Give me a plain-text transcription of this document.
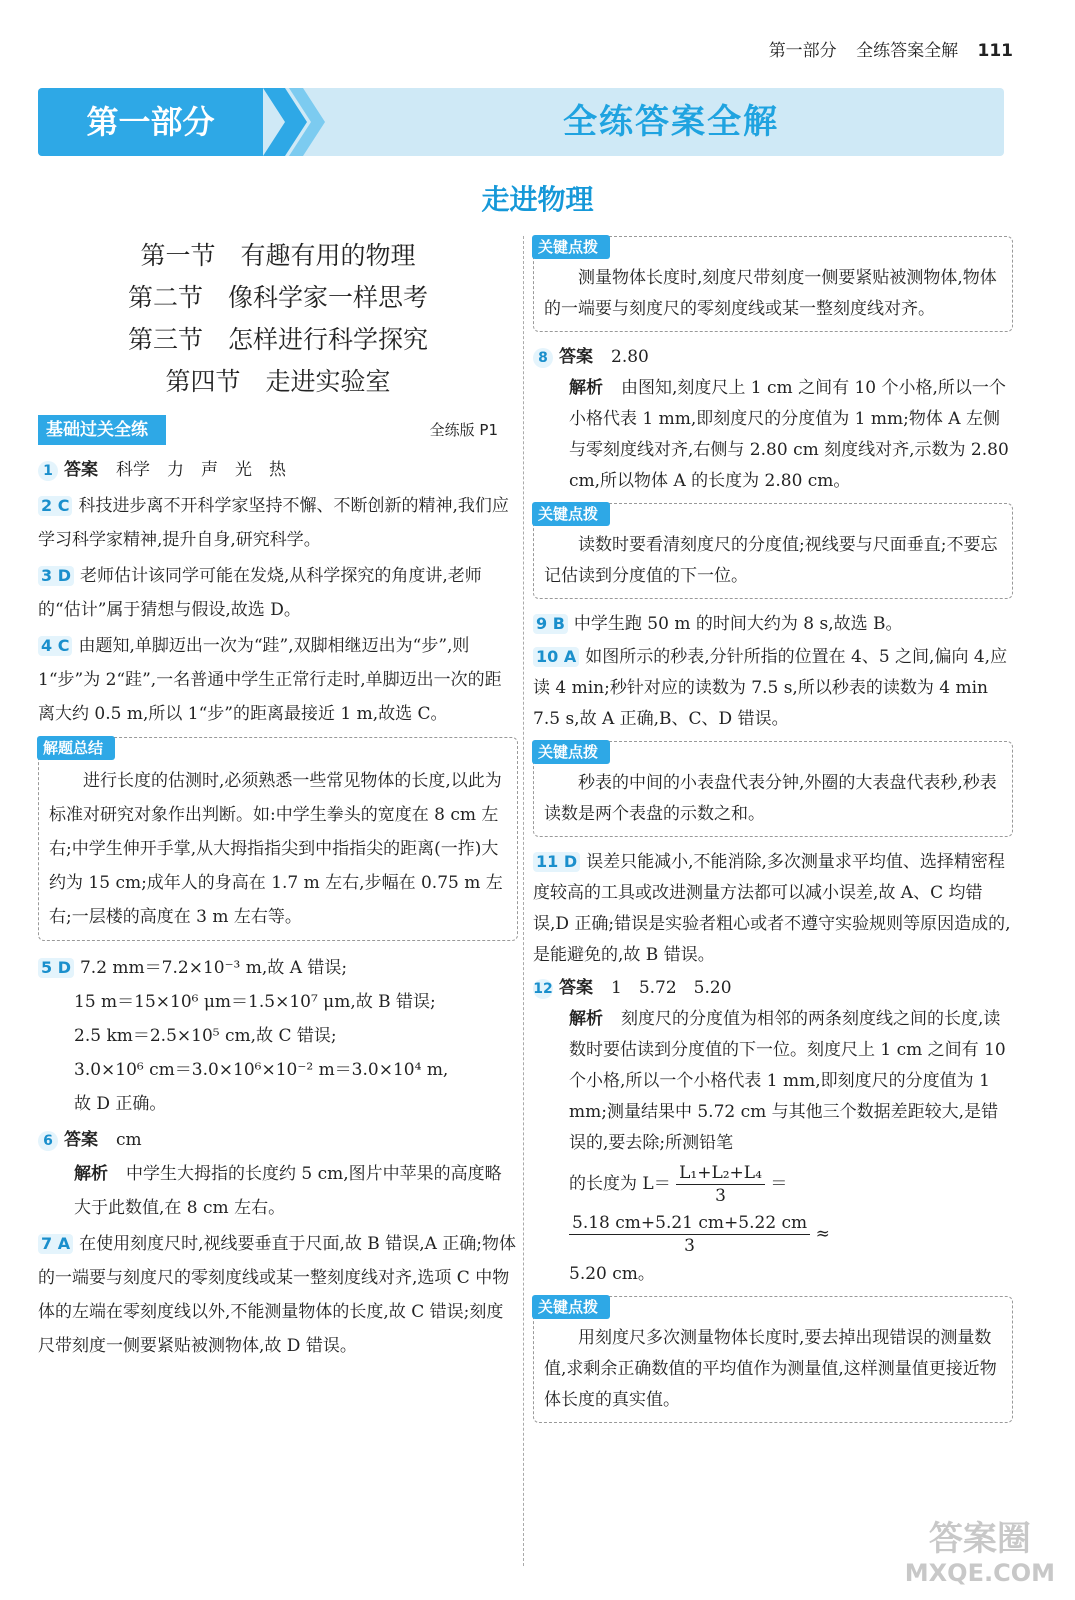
第一部分 全练答案全解 111
第一部分	全练答案全解
走进物理
第一节　有趣有用的物理
第二节　像科学家一样思考
第三节　怎样进行科学探究
第四节　走进实验室
基础过关全练	全练版 P1
1 答案 科学　力　声　光　热
2 C 科技进步离不开科学家坚持不懈、不断创新的精神,我们应学习科学家精神,提升自身,研究科学。
3 D 老师估计该同学可能在发烧,从科学探究的角度讲,老师的“估计”属于猜想与假设,故选 D。
4 C 由题知,单脚迈出一次为“跬”,双脚相继迈出为“步”,则 1“步”为 2“跬”,一名普通中学生正常行走时,单脚迈出一次的距离大约 0.5 m,所以 1“步”的距离最接近 1 m,故选 C。
解题总结
进行长度的估测时,必须熟悉一些常见物体的长度,以此为标准对研究对象作出判断。如:中学生拳头的宽度在 8 cm 左右;中学生伸开手掌,从大拇指指尖到中指指尖的距离(一拃)大约为 15 cm;成年人的身高在 1.7 m 左右,步幅在 0.75 m 左右;一层楼的高度在 3 m 左右等。
5 D 7.2 mm＝7.2×10⁻³ m,故 A 错误;
15 m＝15×10⁶ μm＝1.5×10⁷ μm,故 B 错误;
2.5 km＝2.5×10⁵ cm,故 C 错误;
3.0×10⁶ cm＝3.0×10⁶×10⁻² m＝3.0×10⁴ m,
故 D 正确。
6 答案 cm
解析 中学生大拇指的长度约 5 cm,图片中苹果的高度略大于此数值,在 8 cm 左右。
7 A 在使用刻度尺时,视线要垂直于尺面,故 B 错误,A 正确;物体的一端要与刻度尺的零刻度线或某一整刻度线对齐,选项 C 中物体的左端在零刻度线以外,不能测量物体的长度,故 C 错误;刻度尺带刻度一侧要紧贴被测物体,故 D 错误。
关键点拨
测量物体长度时,刻度尺带刻度一侧要紧贴被测物体,物体的一端要与刻度尺的零刻度线或某一整刻度线对齐。
8 答案 2.80
解析 由图知,刻度尺上 1 cm 之间有 10 个小格,所以一个小格代表 1 mm,即刻度尺的分度值为 1 mm;物体 A 左侧与零刻度线对齐,右侧与 2.80 cm 刻度线对齐,示数为 2.80 cm,所以物体 A 的长度为 2.80 cm。
关键点拨
读数时要看清刻度尺的分度值;视线要与尺面垂直;不要忘记估读到分度值的下一位。
9 B 中学生跑 50 m 的时间大约为 8 s,故选 B。
10 A 如图所示的秒表,分针所指的位置在 4、5 之间,偏向 4,应读 4 min;秒针对应的读数为 7.5 s,所以秒表的读数为 4 min 7.5 s,故 A 正确,B、C、D 错误。
关键点拨
秒表的中间的小表盘代表分钟,外圈的大表盘代表秒,秒表读数是两个表盘的示数之和。
11 D 误差只能减小,不能消除,多次测量求平均值、选择精密程度较高的工具或改进测量方法都可以减小误差,故 A、C 均错误,D 正确;错误是实验者粗心或者不遵守实验规则等原因造成的,是能避免的,故 B 错误。
12 答案 1　5.72　5.20
解析 刻度尺的分度值为相邻的两条刻度线之间的长度,读数时要估读到分度值的下一位。刻度尺上 1 cm 之间有 10 个小格,所以一个小格代表 1 mm,即刻度尺的分度值为 1 mm;测量结果中 5.72 cm 与其他三个数据差距较大,是错误的,要去除;所测铅笔
的长度为 $L= \frac{\text{L₁+L₂+L₄}}{3}$ ＝
$\frac{5.18 cm+5.21 cm+5.22 cm}{3}$ ≈
5.20 cm。
关键点拨
用刻度尺多次测量物体长度时,要去掉出现错误的测量数值,求剩余正确数值的平均值作为测量值,这样测量值更接近物体长度的真实值。
答案圈
MXQE.COM
